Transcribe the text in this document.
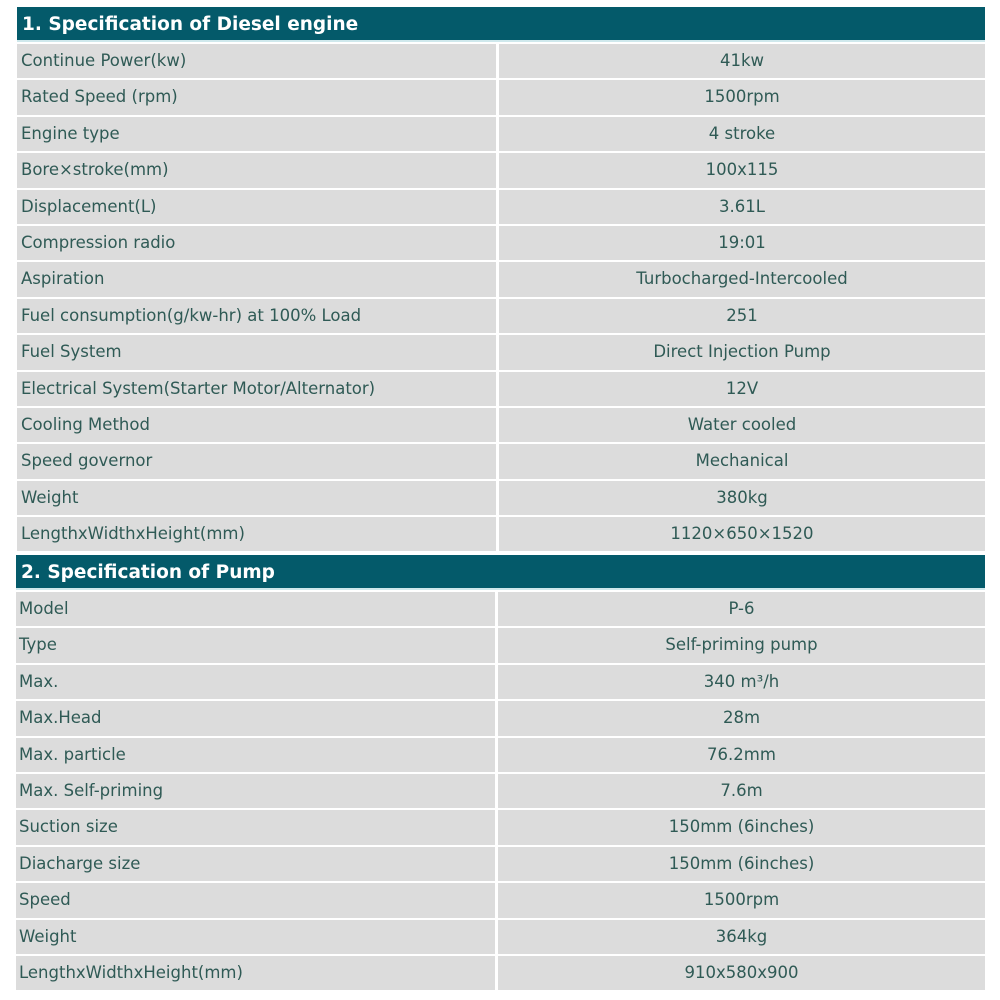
1. Specification of Diesel engine
Continue Power(kw)	41kw
Rated Speed (rpm)	1500rpm
Engine type	4 stroke
Bore×stroke(mm)	100x115
Displacement(L)	3.61L
Compression radio	19:01
Aspiration	Turbocharged-Intercooled
Fuel consumption(g/kw-hr) at 100% Load	251
Fuel System	Direct Injection Pump
Electrical System(Starter Motor/Alternator)	12V
Cooling Method	Water cooled
Speed governor	Mechanical
Weight	380kg
LengthxWidthxHeight(mm)	1120×650×1520
2. Specification of Pump
Model	P-6
Type	Self-priming pump
Max.	340 m³/h
Max.Head	28m
Max. particle	76.2mm
Max. Self-priming	7.6m
Suction size	150mm (6inches)
Diacharge size	150mm (6inches)
Speed	1500rpm
Weight	364kg
LengthxWidthxHeight(mm)	910x580x900
